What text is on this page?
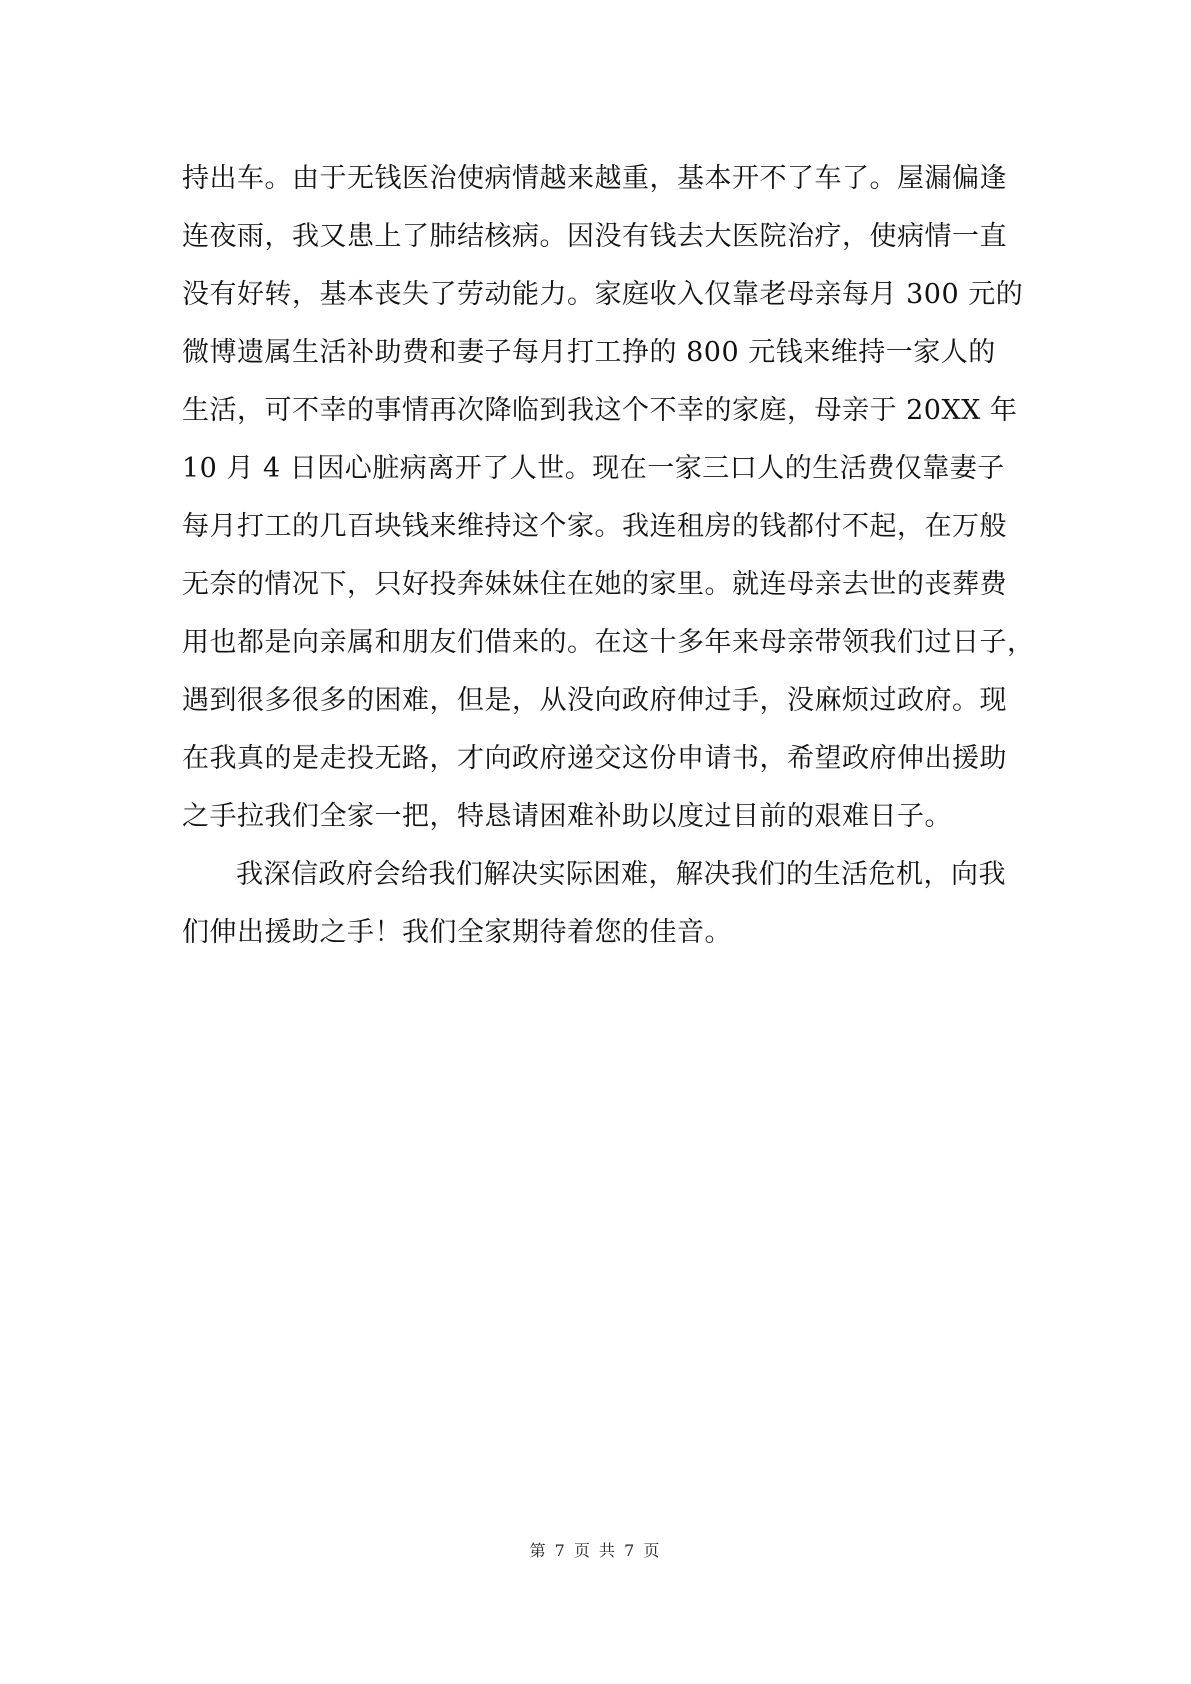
持出车。由于无钱医治使病情越来越重，基本开不了车了。屋漏偏逢
连夜雨，我又患上了肺结核病。因没有钱去大医院治疗，使病情一直
没有好转，基本丧失了劳动能力。家庭收入仅靠老母亲每月 300 元的
微博遗属生活补助费和妻子每月打工挣的 800 元钱来维持一家人的
生活，可不幸的事情再次降临到我这个不幸的家庭，母亲于 20XX 年
10 月 4 日因心脏病离开了人世。现在一家三口人的生活费仅靠妻子
每月打工的几百块钱来维持这个家。我连租房的钱都付不起，在万般
无奈的情况下，只好投奔妹妹住在她的家里。就连母亲去世的丧葬费
用也都是向亲属和朋友们借来的。在这十多年来母亲带领我们过日子，
遇到很多很多的困难，但是，从没向政府伸过手，没麻烦过政府。现
在我真的是走投无路，才向政府递交这份申请书，希望政府伸出援助
之手拉我们全家一把，特恳请困难补助以度过目前的艰难日子。
我深信政府会给我们解决实际困难，解决我们的生活危机，向我
们伸出援助之手！我们全家期待着您的佳音。
第 7 页 共 7 页
